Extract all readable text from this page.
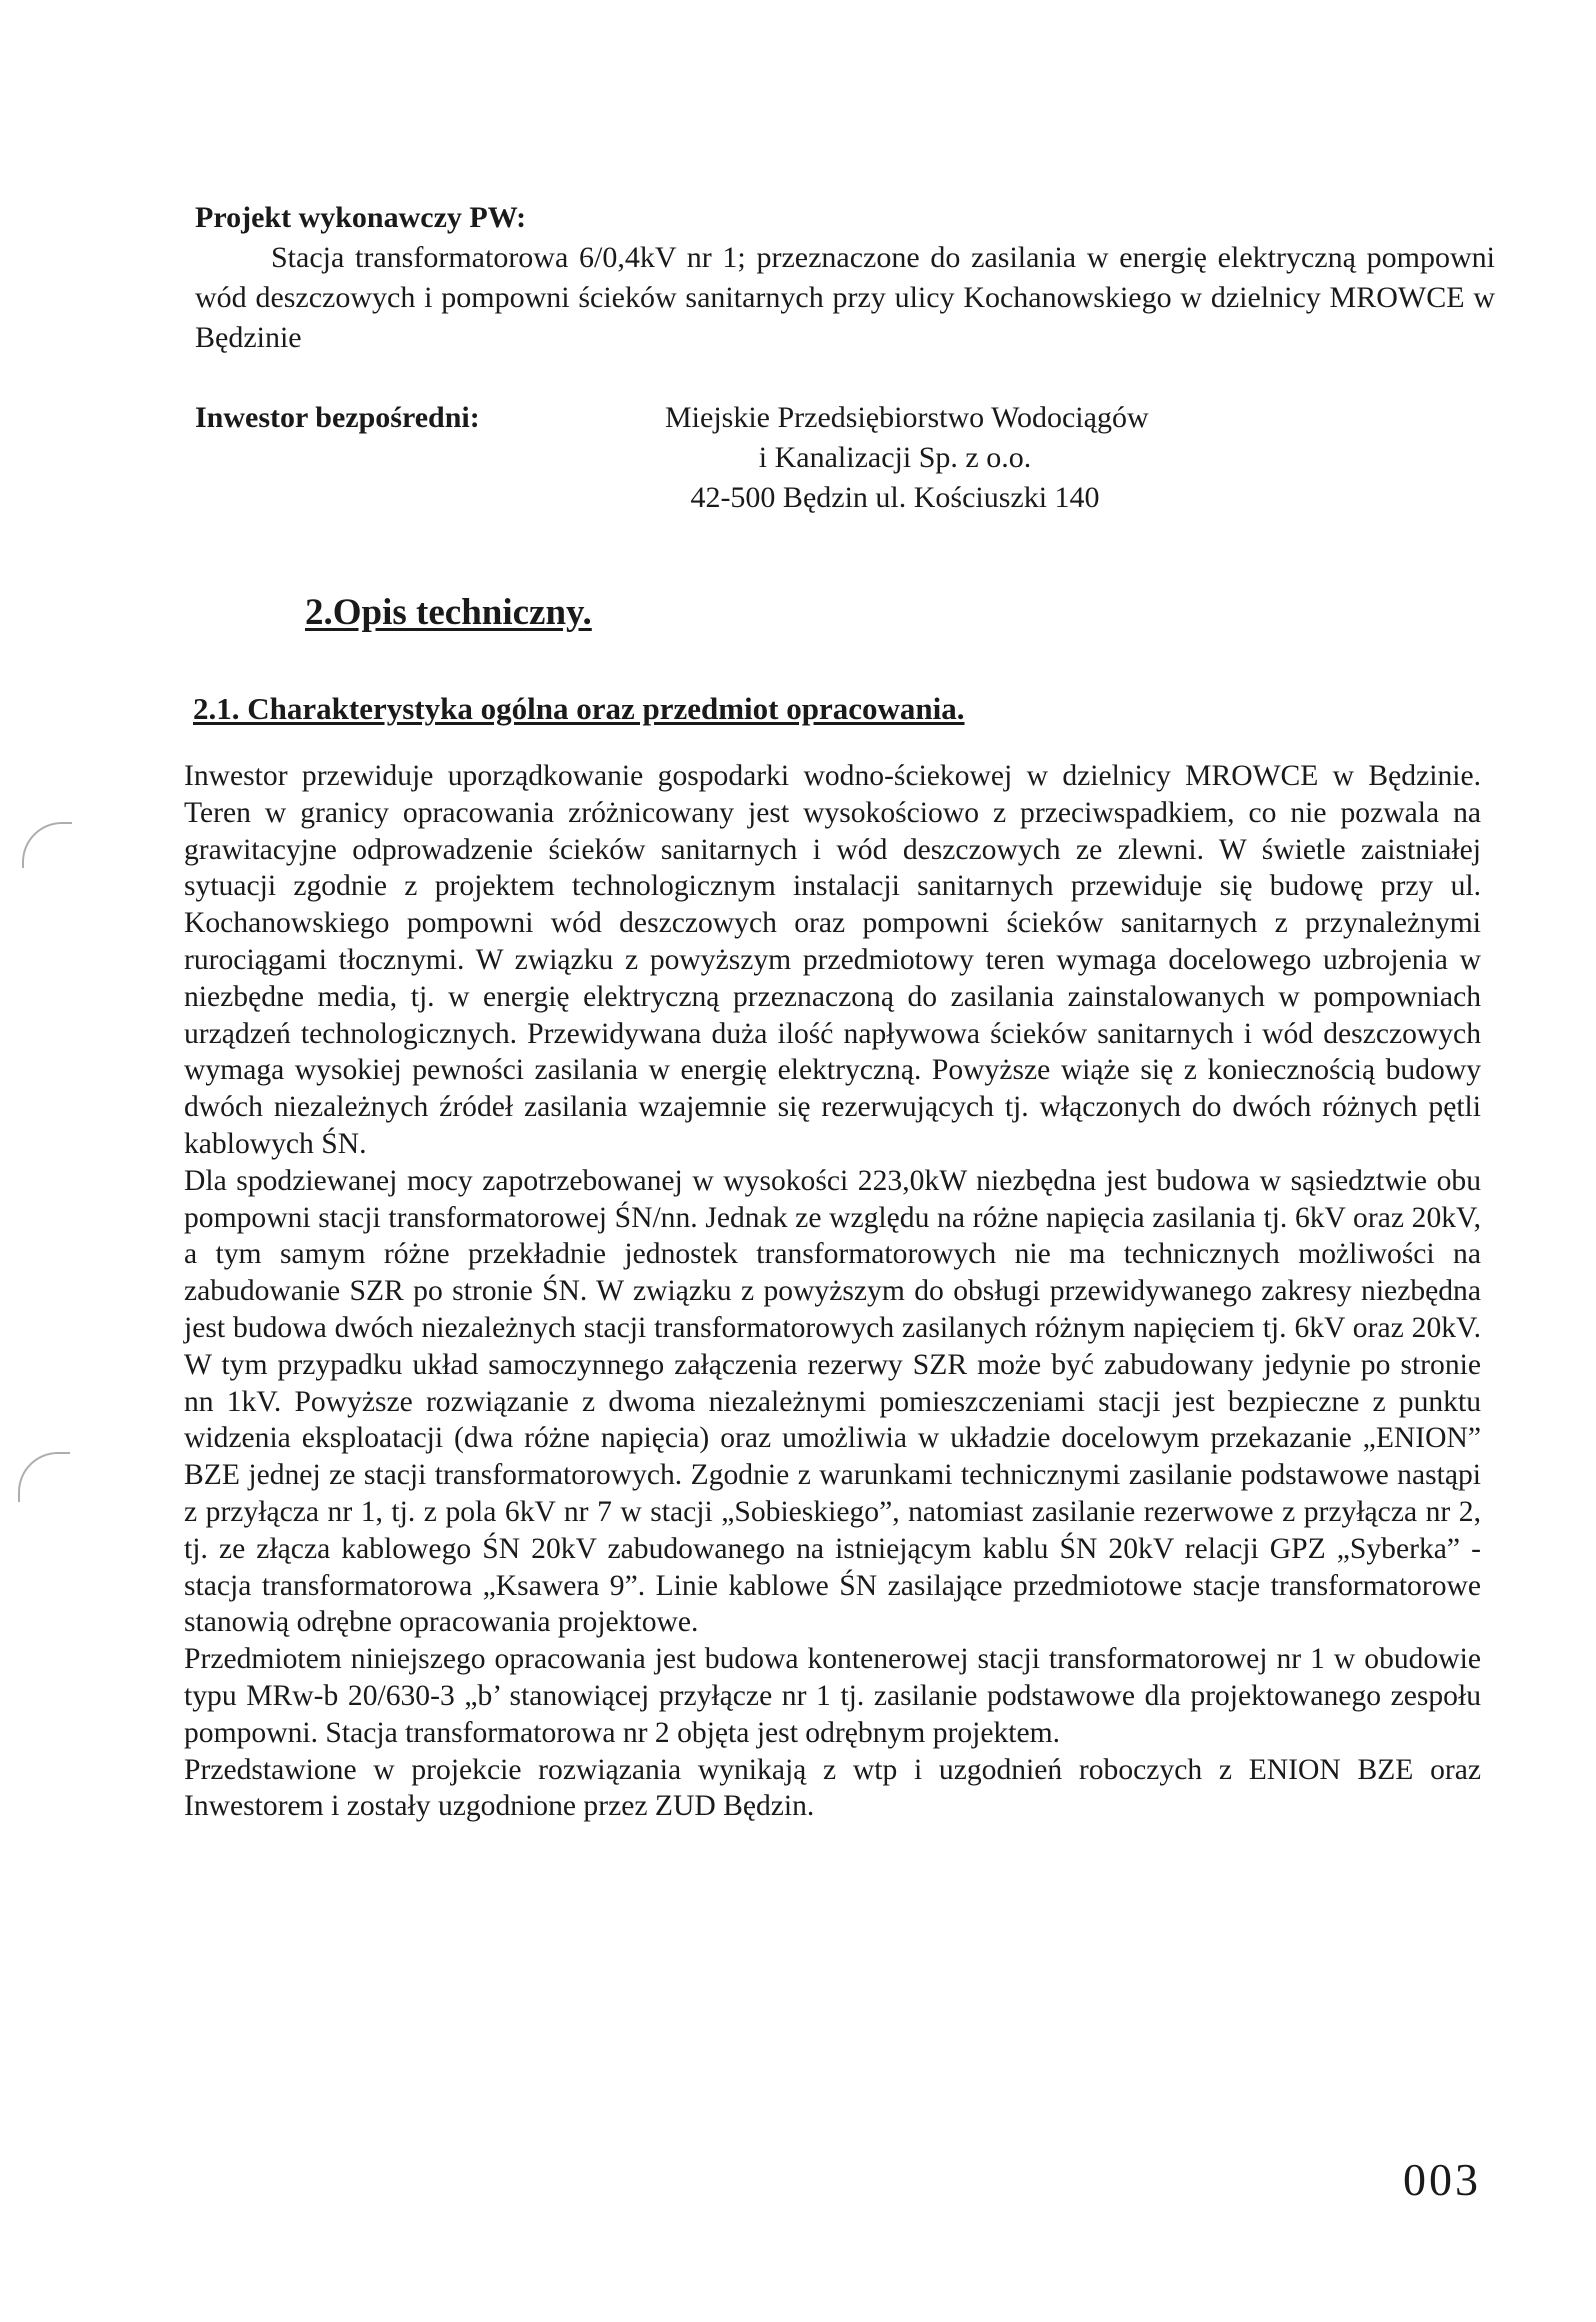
Projekt wykonawczy PW:

Stacja transformatorowa 6/0,4kV nr 1; przeznaczone do zasilania w energię elektryczną pompowni wód deszczowych i pompowni ścieków sanitarnych przy ulicy Kochanowskiego w dzielnicy MROWCE w Będzinie

Inwestor bezpośredni:	Miejskie Przedsiębiorstwo Wodociągów
i Kanalizacji Sp. z o.o.
42-500 Będzin ul. Kościuszki 140
2.Opis techniczny.
2.1. Charakterystyka ogólna oraz przedmiot opracowania.

Inwestor przewiduje uporządkowanie gospodarki wodno-ściekowej w dzielnicy MROWCE w Będzinie. Teren w granicy opracowania zróżnicowany jest wysokościowo z przeciwspadkiem, co nie pozwala na grawitacyjne odprowadzenie ścieków sanitarnych i wód deszczowych ze zlewni. W świetle zaistniałej sytuacji zgodnie z projektem technologicznym instalacji sanitarnych przewiduje się budowę przy ul. Kochanowskiego pompowni wód deszczowych oraz pompowni ścieków sanitarnych z przynależnymi rurociągami tłocznymi. W związku z powyższym przedmiotowy teren wymaga docelowego uzbrojenia w niezbędne media, tj. w energię elektryczną przeznaczoną do zasilania zainstalowanych w pompowniach urządzeń technologicznych. Przewidywana duża ilość napływowa ścieków sanitarnych i wód deszczowych wymaga wysokiej pewności zasilania w energię elektryczną. Powyższe wiąże się z koniecznością budowy dwóch niezależnych źródeł zasilania wzajemnie się rezerwujących tj. włączonych do dwóch różnych pętli kablowych ŚN.

Dla spodziewanej mocy zapotrzebowanej w wysokości 223,0kW niezbędna jest budowa w sąsiedztwie obu pompowni stacji transformatorowej ŚN/nn. Jednak ze względu na różne napięcia zasilania tj. 6kV oraz 20kV, a tym samym różne przekładnie jednostek transformatorowych nie ma technicznych możliwości na zabudowanie SZR po stronie ŚN. W związku z powyższym do obsługi przewidywanego zakresy niezbędna jest budowa dwóch niezależnych stacji transformatorowych zasilanych różnym napięciem tj. 6kV oraz 20kV. W tym przypadku układ samoczynnego załączenia rezerwy SZR może być zabudowany jedynie po stronie nn 1kV. Powyższe rozwiązanie z dwoma niezależnymi pomieszczeniami stacji jest bezpieczne z punktu widzenia eksploatacji (dwa różne napięcia) oraz umożliwia w układzie docelowym przekazanie „ENION” BZE jednej ze stacji transformatorowych. Zgodnie z warunkami technicznymi zasilanie podstawowe nastąpi z przyłącza nr 1, tj. z pola 6kV nr 7 w stacji „Sobieskiego”, natomiast zasilanie rezerwowe z przyłącza nr 2, tj. ze złącza kablowego ŚN 20kV zabudowanego na istniejącym kablu ŚN 20kV relacji GPZ „Syberka” - stacja transformatorowa „Ksawera 9”. Linie kablowe ŚN zasilające przedmiotowe stacje transformatorowe stanowią odrębne opracowania projektowe.

Przedmiotem niniejszego opracowania jest budowa kontenerowej stacji transformatorowej nr 1 w obudowie typu MRw-b 20/630-3 „b’ stanowiącej przyłącze nr 1 tj. zasilanie podstawowe dla projektowanego zespołu pompowni. Stacja transformatorowa nr 2 objęta jest odrębnym projektem.

Przedstawione w projekcie rozwiązania wynikają z wtp i uzgodnień roboczych z ENION BZE oraz Inwestorem i zostały uzgodnione przez ZUD Będzin.

003
